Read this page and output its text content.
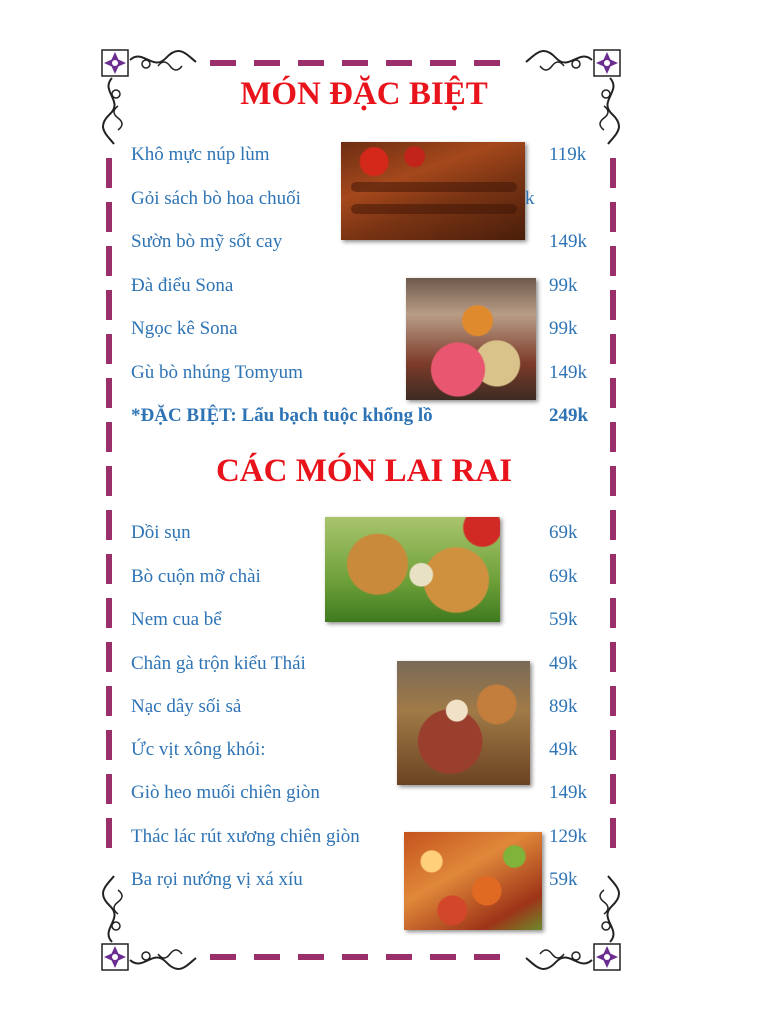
MÓN ĐẶC BIỆT
Khô mực núp lùm	119k
Gỏi sách bò hoa chuối	k
Sườn bò mỹ sốt cay	149k
Đà điểu Sona	99k
Ngọc kê Sona	99k
Gù bò nhúng Tomyum	149k
*ĐẶC BIỆT: Lẩu bạch tuộc khổng lồ	249k
CÁC MÓN LAI RAI
Dồi sụn	69k
Bò cuộn mỡ chài	69k
Nem cua bể	59k
Chân gà trộn kiểu Thái	49k
Nạc dây sối sả	89k
Ức vịt xông khói:	49k
Giò heo muối chiên giòn	149k
Thác lác rút xương chiên giòn	129k
Ba rọi nướng vị xá xíu	59k
